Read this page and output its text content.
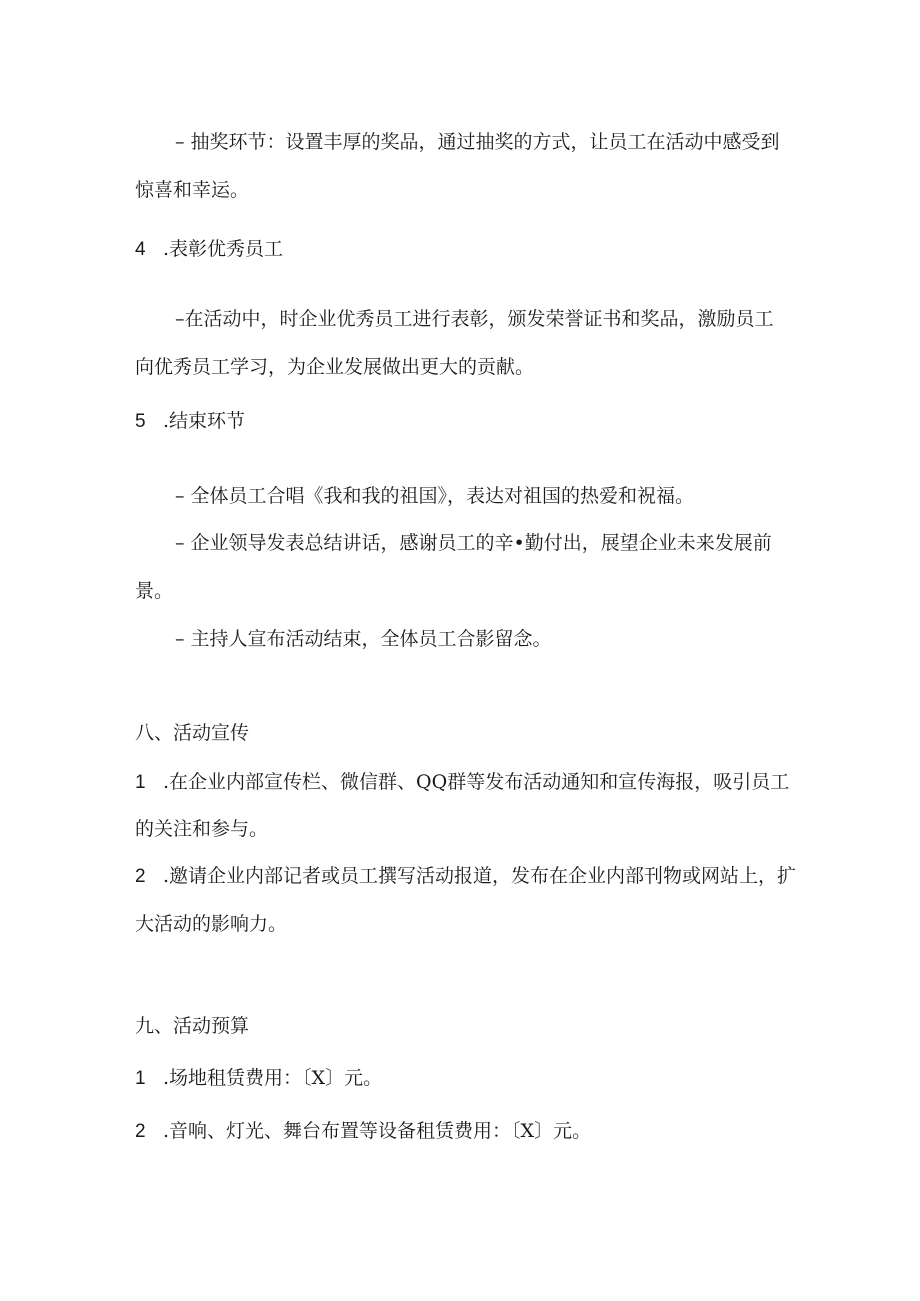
– 抽奖环节：设置丰厚的奖品，通过抽奖的方式，让员工在活动中感受到
惊喜和幸运。
4 .表彰优秀员工
–在活动中，时企业优秀员工进行表彰，颁发荣誉证书和奖品，激励员工
向优秀员工学习，为企业发展做出更大的贡献。
5 .结束环节
– 全体员工合唱《我和我的祖国》，表达对祖国的热爱和祝福。
– 企业领导发表总结讲话，感谢员工的辛•勤付出，展望企业未来发展前
景。
– 主持人宣布活动结束，全体员工合影留念。
八、活动宣传
1 .在企业内部宣传栏、微信群、QQ群等发布活动通知和宣传海报，吸引员工
的关注和参与。
2 .邀请企业内部记者或员工撰写活动报道，发布在企业内部刊物或网站上，扩
大活动的影响力。
九、活动预算
1 .场地租赁费用：〔X〕元。
2 .音响、灯光、舞台布置等设备租赁费用：〔X〕元。
